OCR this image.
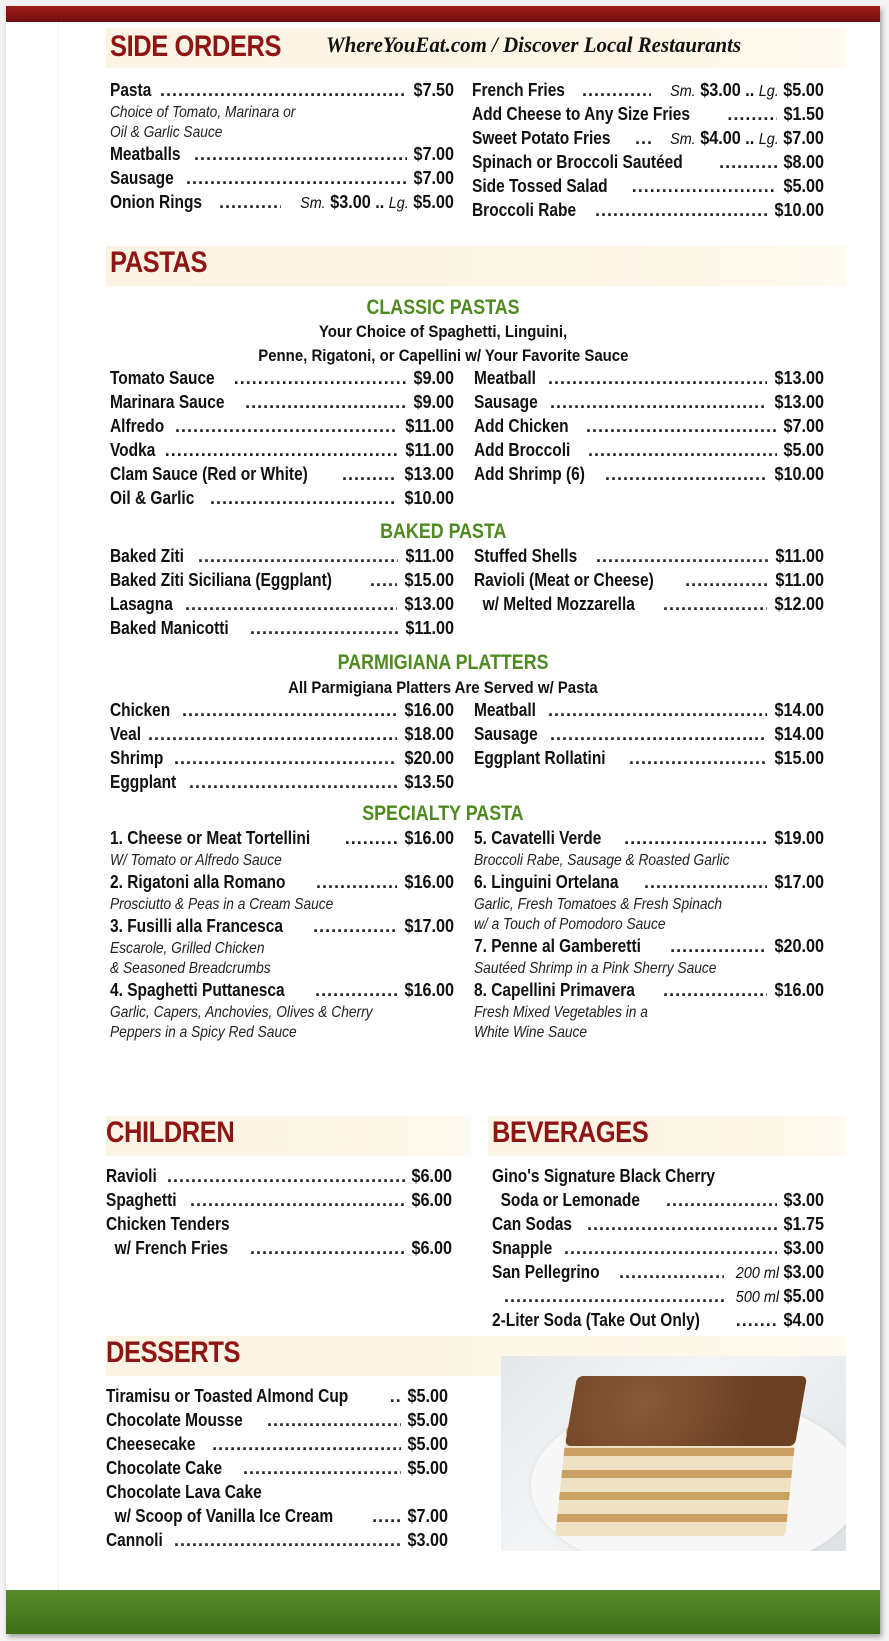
SIDE ORDERS WhereYouEat.com / Discover Local Restaurants
Pasta .....	$7.50
Choice of Tomato, Marinara or
Oil & Garlic Sauce
Meatballs .....	$7.00
Sausage .....	$7.00
Onion Rings .....	Sm. $3.00 .. Lg. $5.00
French Fries .....	Sm. $3.00 .. Lg. $5.00
Add Cheese to Any Size Fries .....	$1.50
Sweet Potato Fries .....	Sm. $4.00 .. Lg. $7.00
Spinach or Broccoli Sautéed .....	$8.00
Side Tossed Salad .....	$5.00
Broccoli Rabe .....	$10.00
PASTAS
CLASSIC PASTAS
Your Choice of Spaghetti, Linguini,
Penne, Rigatoni, or Capellini w/ Your Favorite Sauce
Tomato Sauce .....	$9.00
Marinara Sauce .....	$9.00
Alfredo .....	$11.00
Vodka .....	$11.00
Clam Sauce (Red or White) .....	$13.00
Oil & Garlic .....	$10.00
Meatball .....	$13.00
Sausage .....	$13.00
Add Chicken .....	$7.00
Add Broccoli .....	$5.00
Add Shrimp (6) .....	$10.00
BAKED PASTA
Baked Ziti .....	$11.00
Baked Ziti Siciliana (Eggplant) .....	$15.00
Lasagna .....	$13.00
Baked Manicotti .....	$11.00
Stuffed Shells .....	$11.00
Ravioli (Meat or Cheese) .....	$11.00
w/ Melted Mozzarella .....	$12.00
PARMIGIANA PLATTERS
All Parmigiana Platters Are Served w/ Pasta
Chicken .....	$16.00
Veal .....	$18.00
Shrimp .....	$20.00
Eggplant .....	$13.50
Meatball .....	$14.00
Sausage .....	$14.00
Eggplant Rollatini .....	$15.00
SPECIALTY PASTA
1. Cheese or Meat Tortellini .....	$16.00
W/ Tomato or Alfredo Sauce
2. Rigatoni alla Romano .....	$16.00
Prosciutto & Peas in a Cream Sauce
3. Fusilli alla Francesca .....	$17.00
Escarole, Grilled Chicken
& Seasoned Breadcrumbs
4. Spaghetti Puttanesca .....	$16.00
Garlic, Capers, Anchovies, Olives & Cherry
Peppers in a Spicy Red Sauce
5. Cavatelli Verde .....	$19.00
Broccoli Rabe, Sausage & Roasted Garlic
6. Linguini Ortelana .....	$17.00
Garlic, Fresh Tomatoes & Fresh Spinach
w/ a Touch of Pomodoro Sauce
7. Penne al Gamberetti .....	$20.00
Sautéed Shrimp in a Pink Sherry Sauce
8. Capellini Primavera .....	$16.00
Fresh Mixed Vegetables in a
White Wine Sauce
CHILDREN
Ravioli .....	$6.00
Spaghetti .....	$6.00
Chicken Tenders
w/ French Fries .....	$6.00
BEVERAGES
Gino's Signature Black Cherry
Soda or Lemonade .....	$3.00
Can Sodas .....	$1.75
Snapple .....	$3.00
San Pellegrino .....	200 ml $3.00
.....
500 ml $5.00
2-Liter Soda (Take Out Only) .....	$4.00
DESSERTS
Tiramisu or Toasted Almond Cup .....	$5.00
Chocolate Mousse .....	$5.00
Cheesecake .....	$5.00
Chocolate Cake .....	$5.00
Chocolate Lava Cake
w/ Scoop of Vanilla Ice Cream .....	$7.00
Cannoli .....	$3.00
